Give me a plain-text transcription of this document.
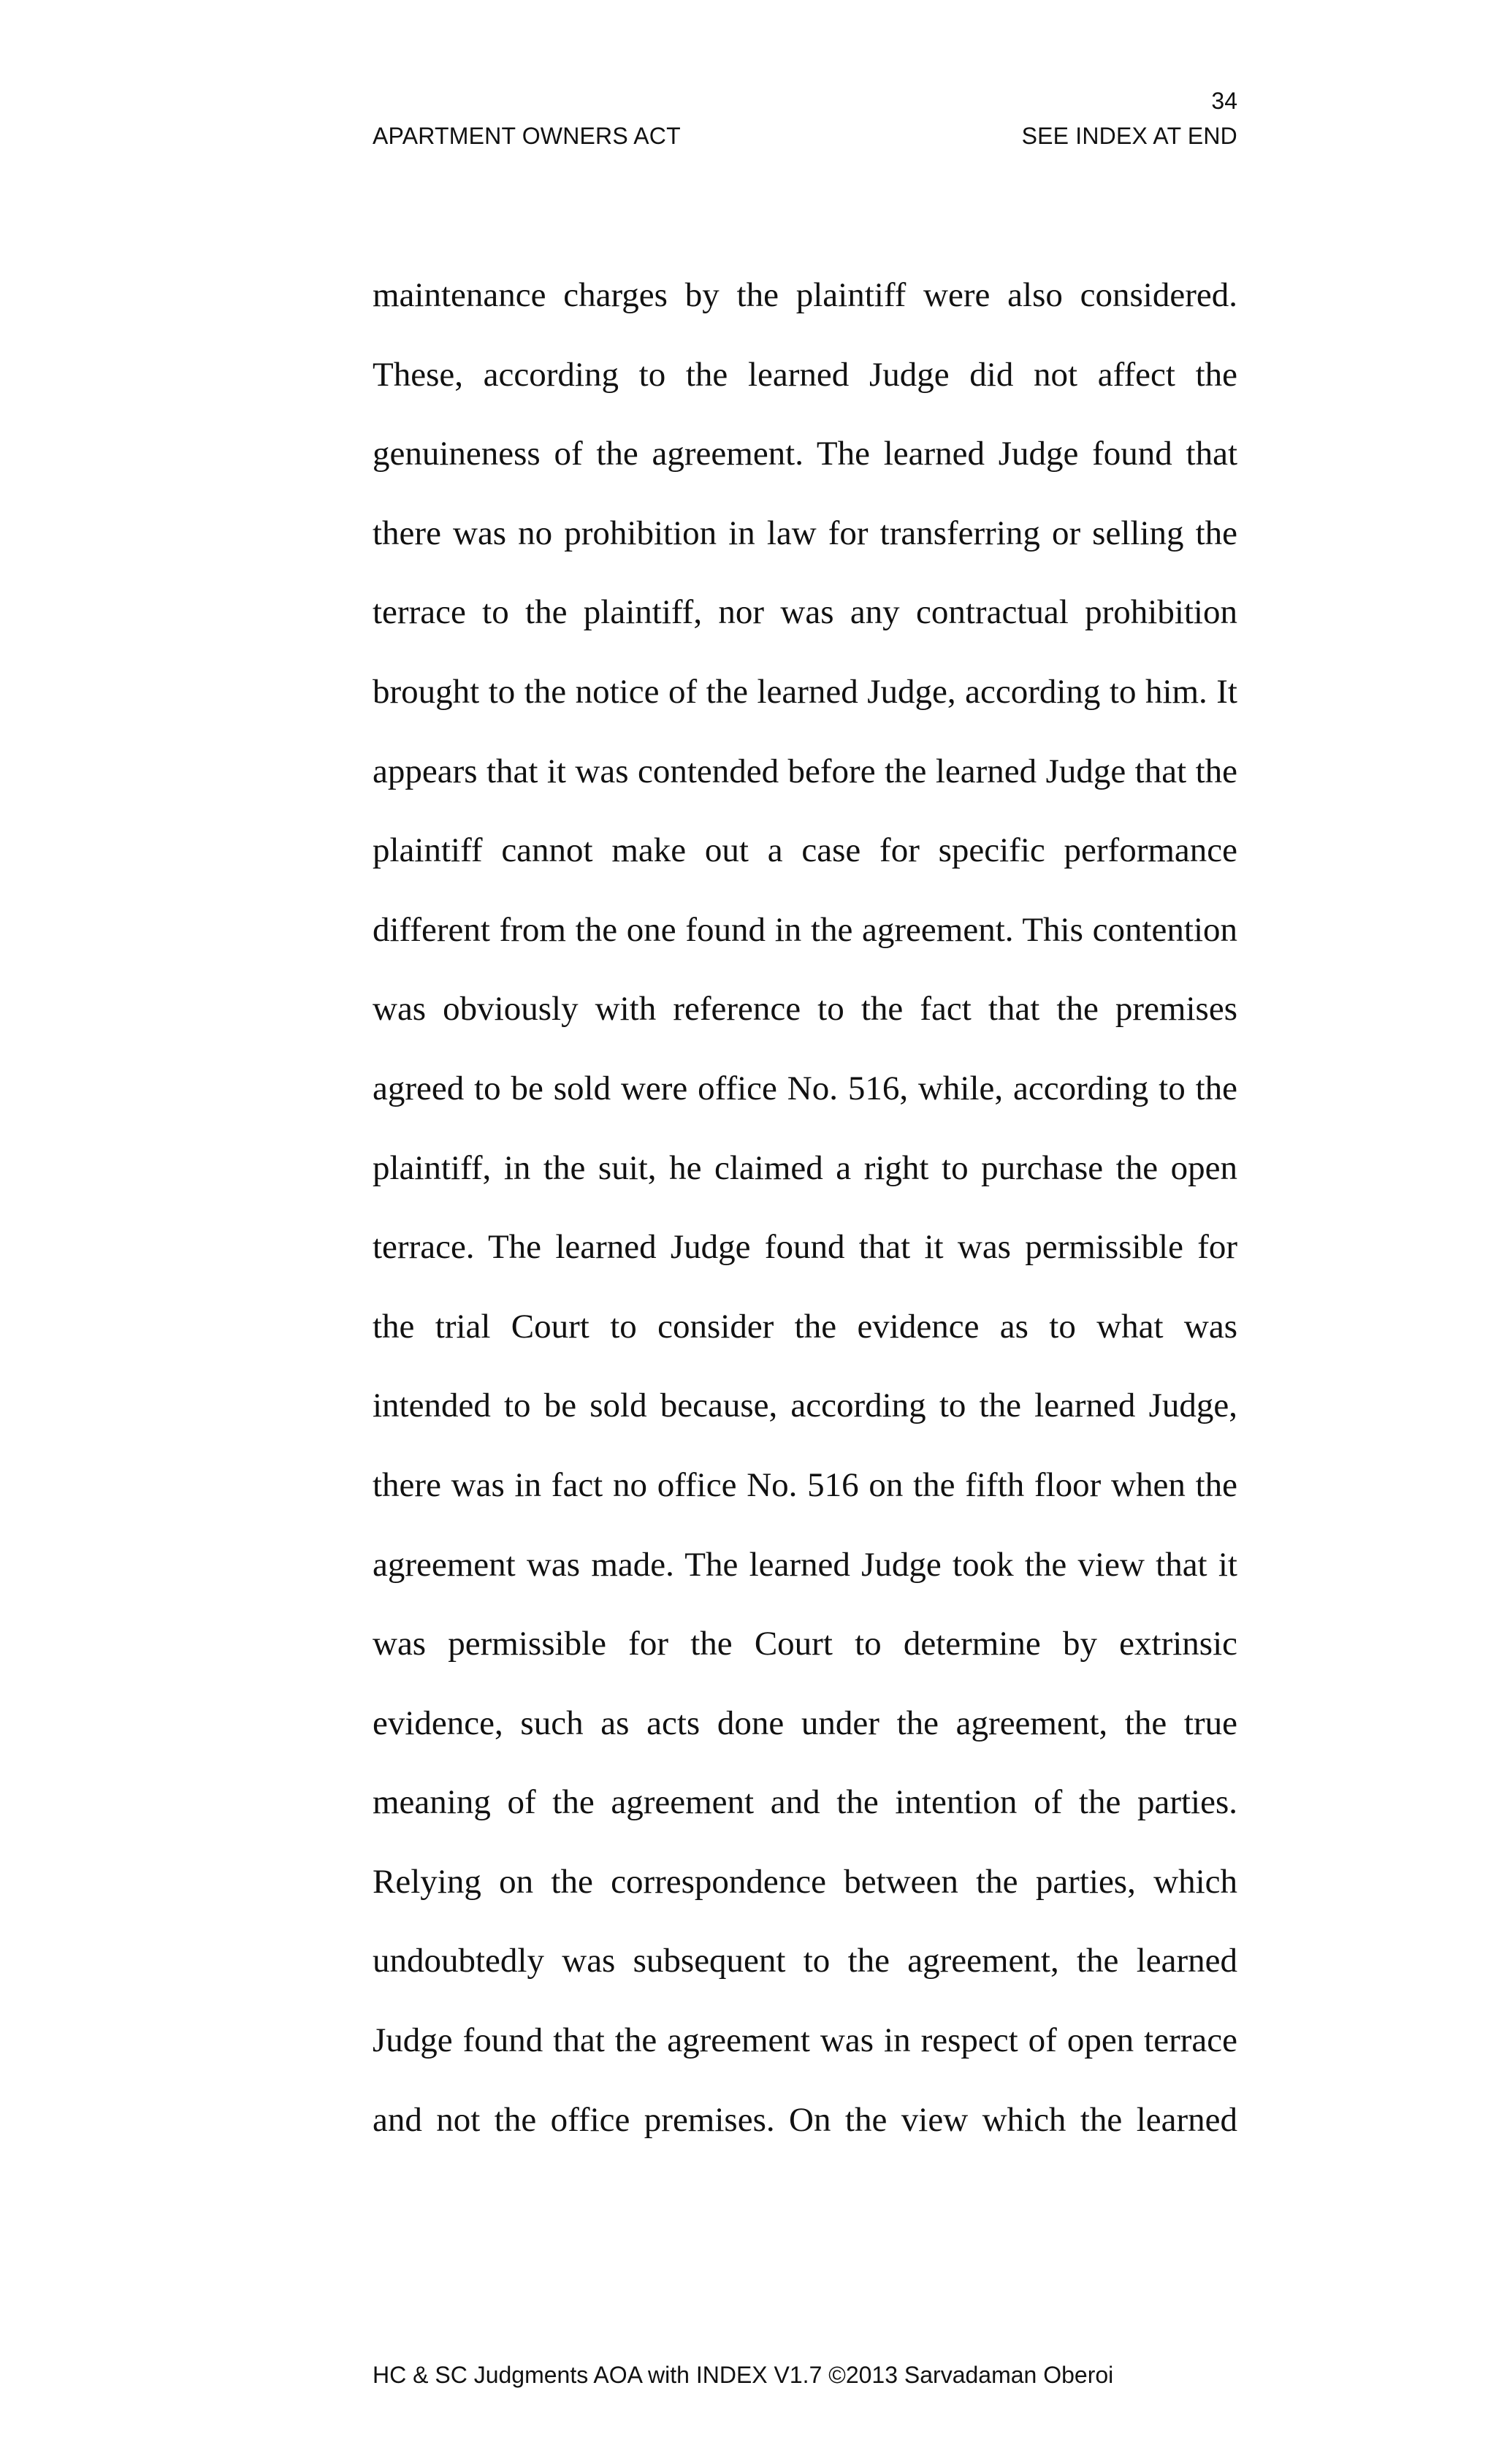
34
APARTMENT OWNERS ACT	SEE INDEX AT END
maintenance charges by the plaintiff were also considered.
These, according to the learned Judge did not affect the
genuineness of the agreement. The learned Judge found that
there was no prohibition in law for transferring or selling the
terrace to the plaintiff, nor was any contractual prohibition
brought to the notice of the learned Judge, according to him. It
appears that it was contended before the learned Judge that the
plaintiff cannot make out a case for specific performance
different from the one found in the agreement. This contention
was obviously with reference to the fact that the premises
agreed to be sold were office No. 516, while, according to the
plaintiff, in the suit, he claimed a right to purchase the open
terrace. The learned Judge found that it was permissible for
the trial Court to consider the evidence as to what was
intended to be sold because, according to the learned Judge,
there was in fact no office No. 516 on the fifth floor when the
agreement was made. The learned Judge took the view that it
was permissible for the Court to determine by extrinsic
evidence, such as acts done under the agreement, the true
meaning of the agreement and the intention of the parties.
Relying on the correspondence between the parties, which
undoubtedly was subsequent to the agreement, the learned
Judge found that the agreement was in respect of open terrace
and not the office premises. On the view which the learned
HC & SC Judgments AOA with INDEX V1.7 ©2013 Sarvadaman Oberoi
